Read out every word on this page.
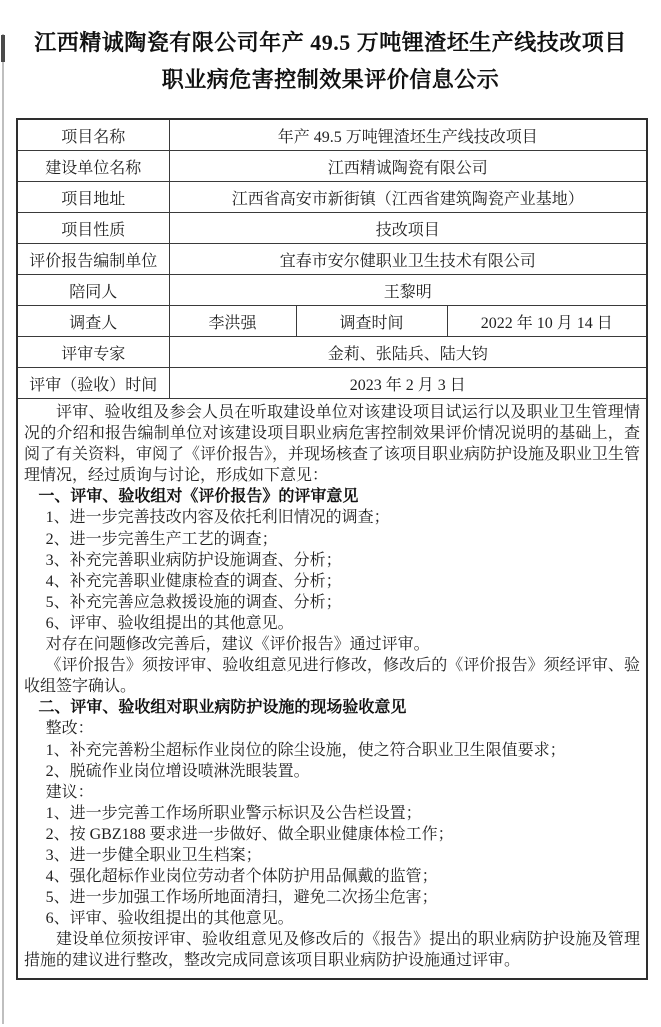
江西精诚陶瓷有限公司年产 49.5 万吨锂渣坯生产线技改项目职业病危害控制效果评价信息公示
项目名称	年产 49.5 万吨锂渣坯生产线技改项目		
建设单位名称	江西精诚陶瓷有限公司		
项目地址	江西省高安市新街镇（江西省建筑陶瓷产业基地）		
项目性质	技改项目		
评价报告编制单位	宜春市安尔健职业卫生技术有限公司		
陪同人	王黎明		
调查人	李洪强	调查时间	2022 年 10 月 14 日
评审专家	金莉、张陆兵、陆大钧		
评审（验收）时间	2023 年 2 月 3 日		

评审、验收组及参会人员在听取建设单位对该建设项目试运行以及职业卫生管理情况的介绍和报告编制单位对该建设项目职业病危害控制效果评价情况说明的基础上，查阅了有关资料，审阅了《评价报告》，并现场核查了该项目职业病防护设施及职业卫生管理情况，经过质询与讨论，形成如下意见：
一、评审、验收组对《评价报告》的评审意见
1、进一步完善技改内容及依托利旧情况的调查；
2、进一步完善生产工艺的调查；
3、补充完善职业病防护设施调查、分析；
4、补充完善职业健康检查的调查、分析；
5、补充完善应急救援设施的调查、分析；
6、评审、验收组提出的其他意见。
对存在问题修改完善后，建议《评价报告》通过评审。
《评价报告》须按评审、验收组意见进行修改，修改后的《评价报告》须经评审、验收组签字确认。
二、评审、验收组对职业病防护设施的现场验收意见
整改：
1、补充完善粉尘超标作业岗位的除尘设施，使之符合职业卫生限值要求；
2、脱硫作业岗位增设喷淋洗眼装置。
建议：
1、进一步完善工作场所职业警示标识及公告栏设置；
2、按 GBZ188 要求进一步做好、做全职业健康体检工作；
3、进一步健全职业卫生档案；
4、强化超标作业岗位劳动者个体防护用品佩戴的监管；
5、进一步加强工作场所地面清扫，避免二次扬尘危害；
6、评审、验收组提出的其他意见。
建设单位须按评审、验收组意见及修改后的《报告》提出的职业病防护设施及管理措施的建议进行整改，整改完成同意该项目职业病防护设施通过评审。
